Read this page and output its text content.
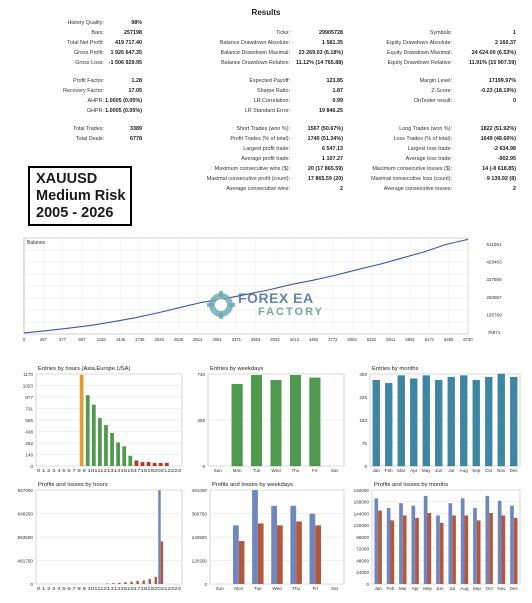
Results
History Quality:	98%
Bars:	257198	Ticks:	29905728	Symbols:	1
Total Net Profit:	419 717.40	Balance Drawdown Absolute:	1 581.35	Equity Drawdown Absolute:	2 160.37
Gross Profit:	1 926 647.35	Balance Drawdown Maximal:	23 269.03 (6.18%)	Equity Drawdown Maximal:	24 624.00 (6.53%)
Gross Loss: -1 506 929.95	Balance Drawdown Relative:	11.12% (14 765.88)	Equity Drawdown Relative:	11.91% (15 907.59)
Profit Factor:	1.28	Expected Payoff:	123.85	Margin Level:	17199.97%
Recovery Factor:	17.05	Sharpe Ratio:	1.87	Z-Score:	-0.23 (18.19%)
AHPR: 1.0005 (0.05%)	LR Correlation:	0.99	OnTester result:	0
GHPR: 1.0005 (0.05%)	LR Standard Error:	19 846.25
Total Trades:	3389	Short Trades (won %):	1567 (50.67%)	Long Trades (won %):	1822 (51.92%)
Total Deals:	6778	Profit Trades (% of total):	1740 (51.34%)	Loss Trades (% of total):	1649 (48.66%)
Largest profit trade:	6 547.13	Largest loss trade:	-2 634.98
Average profit trade:	1 107.27	Average loss trade:	-902.95
Maximum consecutive wins ($):	20 (17 865.59)	Maximum consecutive losses ($):	14 (-8 618.85)
Maximal consecutive profit (count):	17 865.59 (20)	Maximal consecutive loss (count):	-9 139.92 (8)
Average consecutive wins:	2	Average consecutive losses:	2
XAUUSD
Medium Risk
2005 - 2026
Balance	511361
429463
337565
250867
165769
76871
0	297	577	867	1156 1445 1735 2025 2535 2814 3091 3371 3653 3933 4213 4492 4772 5052 5332 5611 5891 6171 6450 6730
FOREX EA
FACTORY
Entries by hours (Asia,Europe,USA)
1170
1023
877
731
585
438
292
146
0
0 1 2 3 4 5 6 7 8 9 1011121314151617181920212223
Entries by weekdays
730
365
0
Sun Mon Tue Wed Thu	Fri	Sat
Entries by months
300
225
150
75
0
Jan Feb Mar Apr May Jun Jul Aug Sep Oct Nov Dec
Profits and losses by hours
927000
648250
563500
481750
0
0 1 2 3 4 5 6 7 8 9 1011121314151617181920212223
Profits and losses by weekdays
481000
360750
240500
120250
0
Sun Mon Tue Wed Thu	Fri	Sat
Profits and losses by months
192000
168000
144000
120000
96000
72000
48000
24000
0
Jan Feb Mar Apr May Jun Jul Aug Sep Oct Nov Dec
